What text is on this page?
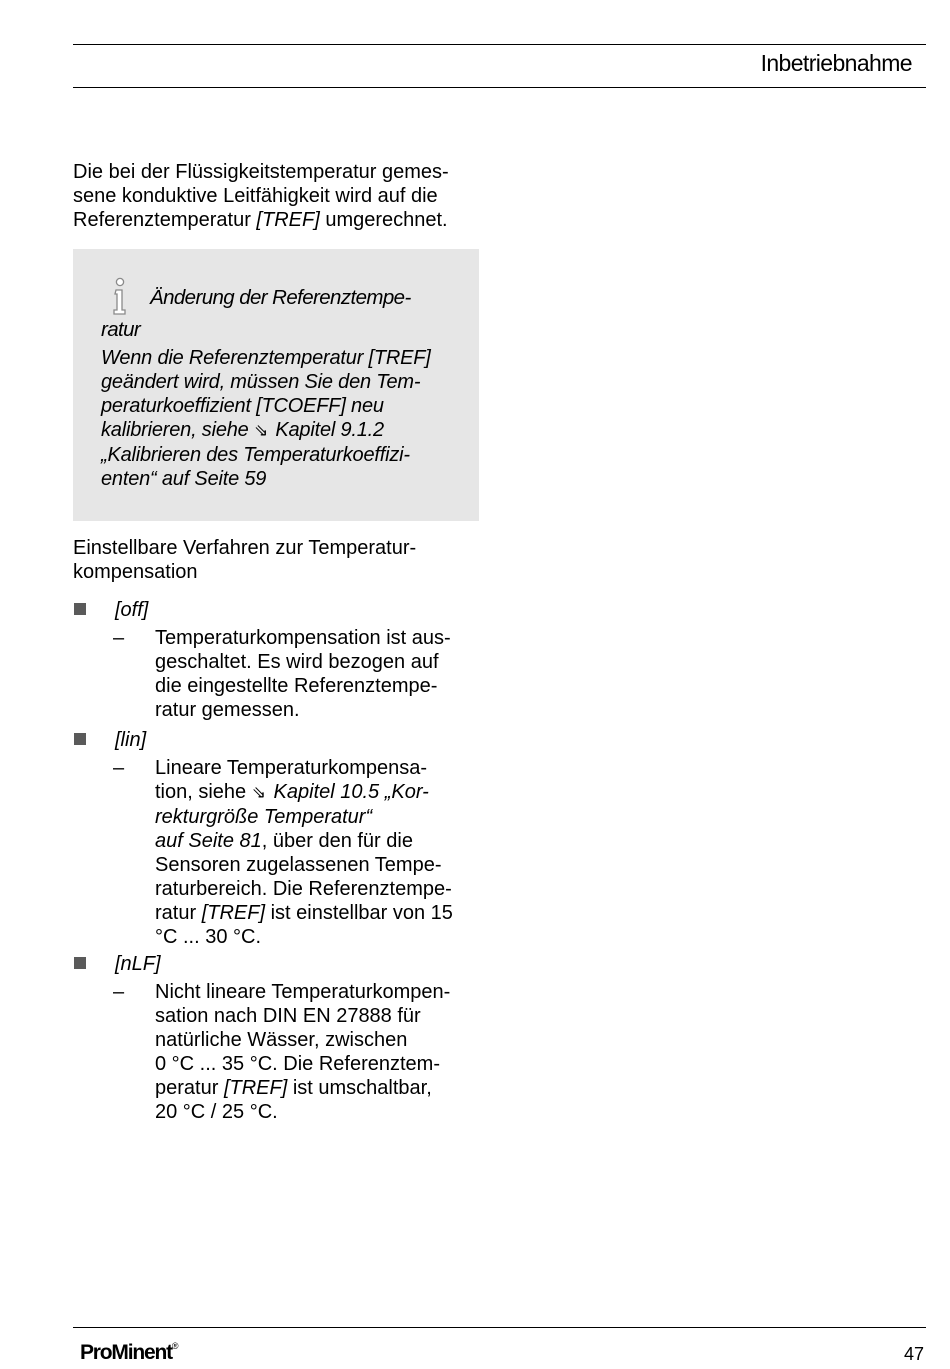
Inbetriebnahme
Die bei der Flüssigkeitstemperatur gemes-
sene konduktive Leitfähigkeit wird auf die
Referenztemperatur [TREF] umgerechnet.
Änderung der Referenztempe-
ratur
Wenn die Referenztemperatur [TREF]
geändert wird, müssen Sie den Tem-
peraturkoeffizient [TCOEFF] neu
kalibrieren, siehe ⇘ Kapitel 9.1.2
„Kalibrieren des Temperaturkoeffizi-
enten“ auf Seite 59
Einstellbare Verfahren zur Temperatur-
kompensation
[off]
– Temperaturkompensation ist aus-
geschaltet. Es wird bezogen auf
die eingestellte Referenztempe-
ratur gemessen.
[lin]
– Lineare Temperaturkompensa-
tion, siehe ⇘ Kapitel 10.5 „Kor-
rekturgröße Temperatur“
auf Seite 81, über den für die
Sensoren zugelassenen Tempe-
raturbereich. Die Referenztempe-
ratur [TREF] ist einstellbar von 15
°C ... 30 °C.
[nLF]
– Nicht lineare Temperaturkompen-
sation nach DIN EN 27888 für
natürliche Wässer, zwischen
0 °C ... 35 °C. Die Referenztem-
peratur [TREF] ist umschaltbar,
20 °C / 25 °C.
ProMinent®	47
